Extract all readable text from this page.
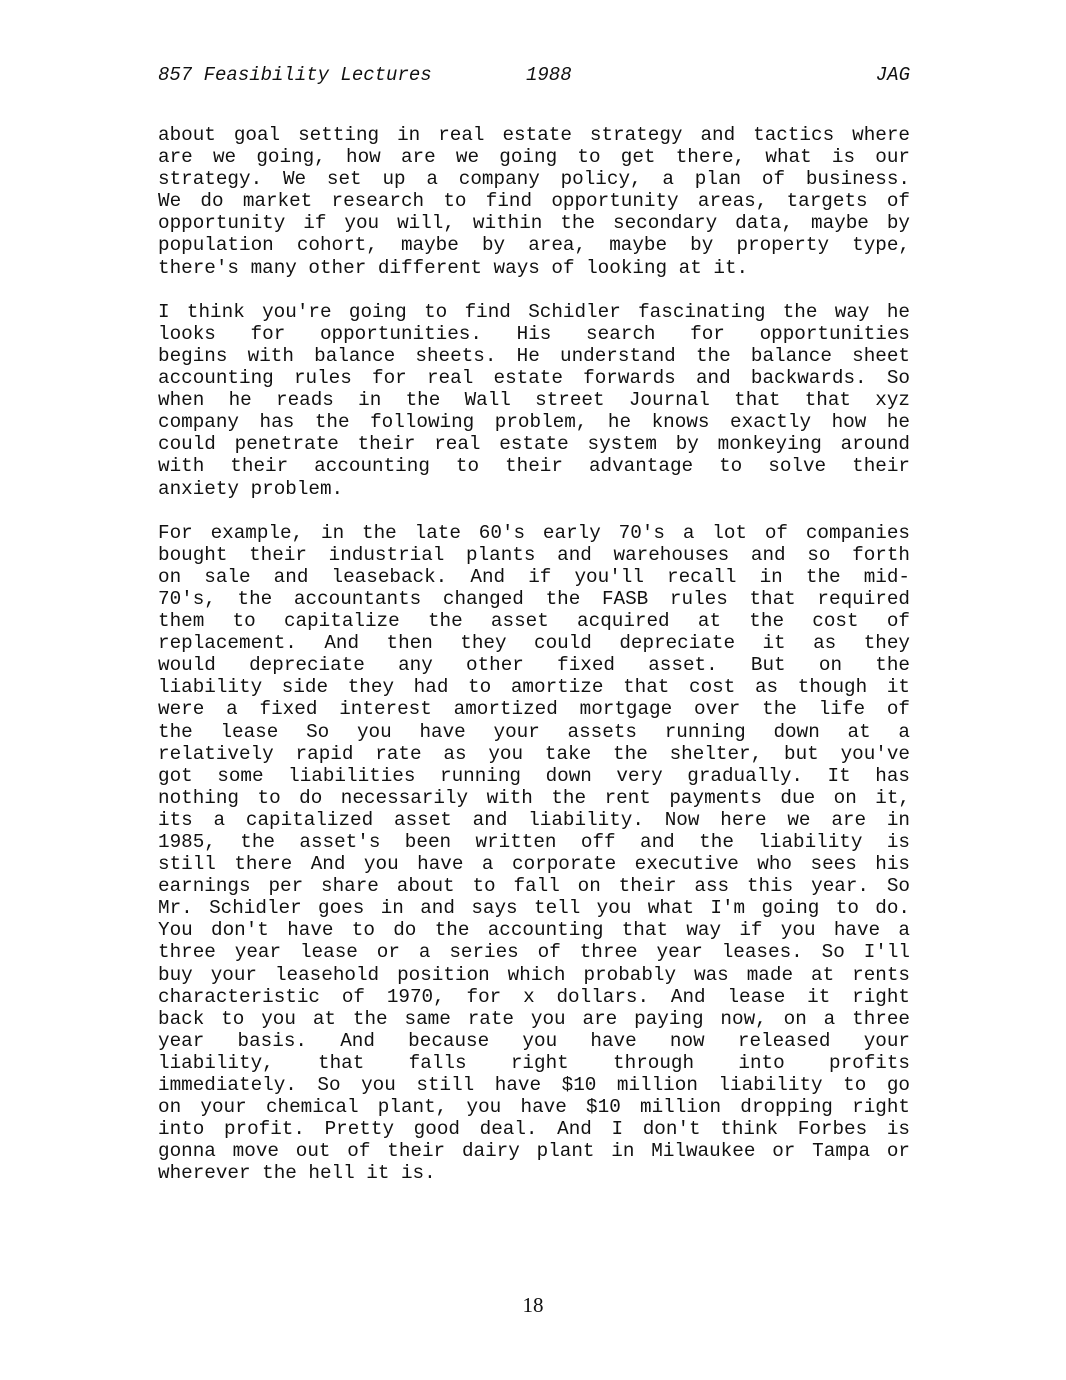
857 Feasibility Lectures

	1988

	JAG

about goal setting in real estate strategy and tactics where
are we going, how are we going to get there, what is our
strategy. We set up a company policy, a plan of business.
We do market research to find opportunity areas, targets of
opportunity if you will, within the secondary data, maybe by
population cohort, maybe by area, maybe by property type,
there's many other different ways of looking at it.
I think you're going to find Schidler fascinating the way he
looks for opportunities. His search for opportunities
begins with balance sheets. He understand the balance sheet
accounting rules for real estate forwards and backwards. So
when he reads in the Wall street Journal that that xyz
company has the following problem, he knows exactly how he
could penetrate their real estate system by monkeying around
with their accounting to their advantage to solve their
anxiety problem.
For example, in the late 60's early 70's a lot of companies
bought their industrial plants and warehouses and so forth
on sale and leaseback. And if you'll recall in the mid-
70's, the accountants changed the FASB rules that required
them to capitalize the asset acquired at the cost of
replacement. And then they could depreciate it as they
would depreciate any other fixed asset. But on the
liability side they had to amortize that cost as though it
were a fixed interest amortized mortgage over the life of
the lease So you have your assets running down at a
relatively rapid rate as you take the shelter, but you've
got some liabilities running down very gradually. It has
nothing to do necessarily with the rent payments due on it,
its a capitalized asset and liability. Now here we are in
1985, the asset's been written off and the liability is
still there And you have a corporate executive who sees his
earnings per share about to fall on their ass this year. So
Mr. Schidler goes in and says tell you what I'm going to do.
You don't have to do the accounting that way if you have a
three year lease or a series of three year leases. So I'll
buy your leasehold position which probably was made at rents
characteristic of 1970, for x dollars. And lease it right
back to you at the same rate you are paying now, on a three
year basis. And because you have now released your
liability, that falls right through into profits
immediately. So you still have $10 million liability to go
on your chemical plant, you have $10 million dropping right
into profit. Pretty good deal. And I don't think Forbes is
gonna move out of their dairy plant in Milwaukee or Tampa or
wherever the hell it is.
18
